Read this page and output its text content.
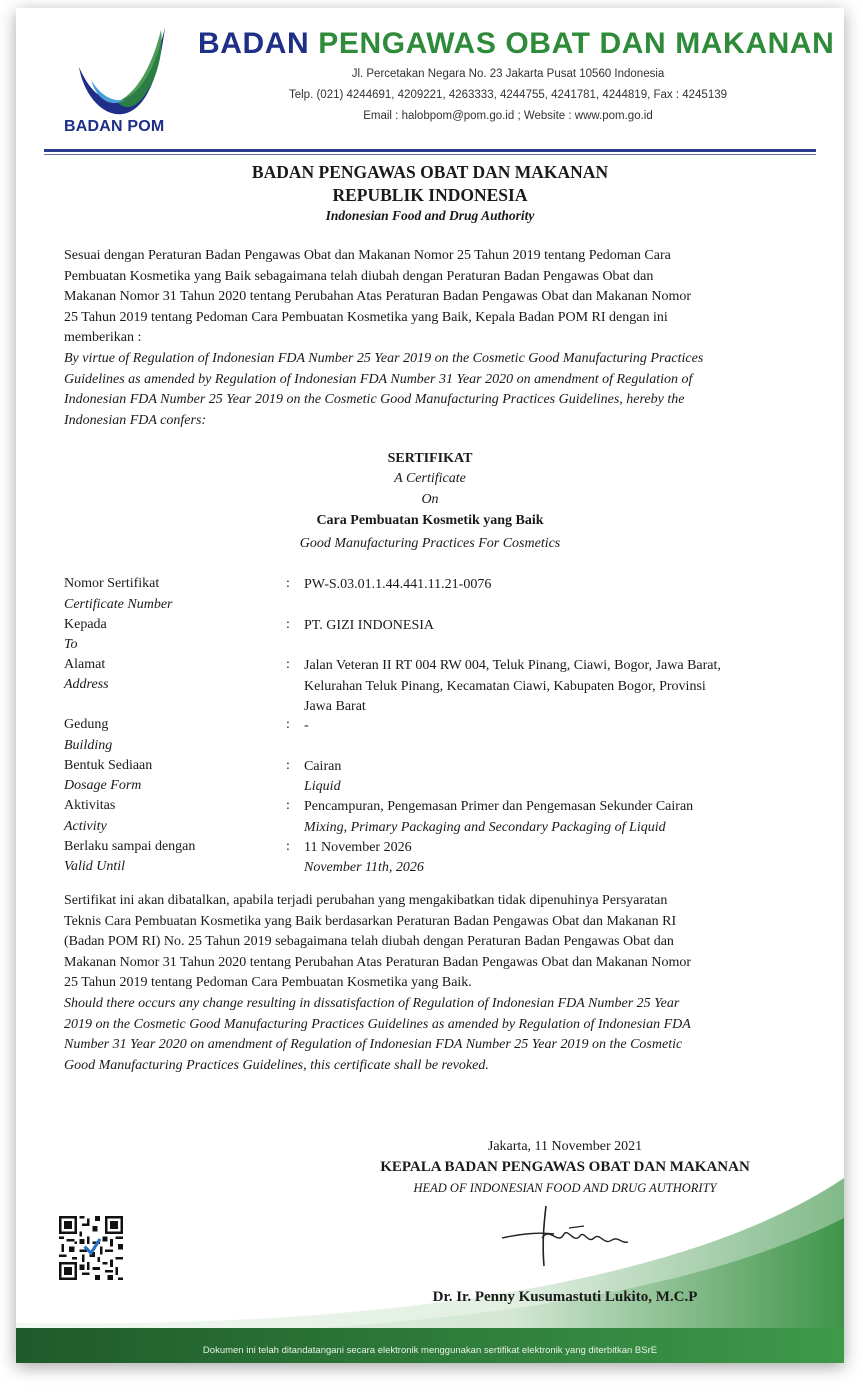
BADAN POM
BADAN PENGAWAS OBAT DAN MAKANAN
Jl. Percetakan Negara No. 23 Jakarta Pusat 10560 Indonesia
Telp. (021) 4244691, 4209221, 4263333, 4244755, 4241781, 4244819, Fax : 4245139
Email : halobpom@pom.go.id ; Website : www.pom.go.id
BADAN PENGAWAS OBAT DAN MAKANAN
REPUBLIK INDONESIA
Indonesian Food and Drug Authority
Sesuai dengan Peraturan Badan Pengawas Obat dan Makanan Nomor 25 Tahun 2019 tentang Pedoman Cara
Pembuatan Kosmetika yang Baik sebagaimana telah diubah dengan Peraturan Badan Pengawas Obat dan
Makanan Nomor 31 Tahun 2020 tentang Perubahan Atas Peraturan Badan Pengawas Obat dan Makanan Nomor
25 Tahun 2019 tentang Pedoman Cara Pembuatan Kosmetika yang Baik, Kepala Badan POM RI dengan ini
memberikan :
By virtue of Regulation of Indonesian FDA Number 25 Year 2019 on the Cosmetic Good Manufacturing Practices
Guidelines as amended by Regulation of Indonesian FDA Number 31 Year 2020 on amendment of Regulation of
Indonesian FDA Number 25 Year 2019 on the Cosmetic Good Manufacturing Practices Guidelines, hereby the
Indonesian FDA confers:
SERTIFIKAT
A Certificate
On
Cara Pembuatan Kosmetik yang Baik
Good Manufacturing Practices For Cosmetics
Nomor Sertifikat
Certificate Number
: PW-S.03.01.1.44.441.11.21-0076
Kepada
To
: PT. GIZI INDONESIA
Alamat
Address
: Jalan Veteran II RT 004 RW 004, Teluk Pinang, Ciawi, Bogor, Jawa Barat,
Kelurahan Teluk Pinang, Kecamatan Ciawi, Kabupaten Bogor, Provinsi
Jawa Barat
Gedung
Building
: -
Bentuk Sediaan
Dosage Form
: Cairan
Liquid
Aktivitas
Activity
: Pencampuran, Pengemasan Primer dan Pengemasan Sekunder Cairan
Mixing, Primary Packaging and Secondary Packaging of Liquid
Berlaku sampai dengan
Valid Until
: 11 November 2026
November 11th, 2026
Sertifikat ini akan dibatalkan, apabila terjadi perubahan yang mengakibatkan tidak dipenuhinya Persyaratan
Teknis Cara Pembuatan Kosmetika yang Baik berdasarkan Peraturan Badan Pengawas Obat dan Makanan RI
(Badan POM RI) No. 25 Tahun 2019 sebagaimana telah diubah dengan Peraturan Badan Pengawas Obat dan
Makanan Nomor 31 Tahun 2020 tentang Perubahan Atas Peraturan Badan Pengawas Obat dan Makanan Nomor
25 Tahun 2019 tentang Pedoman Cara Pembuatan Kosmetika yang Baik.
Should there occurs any change resulting in dissatisfaction of Regulation of Indonesian FDA Number 25 Year
2019 on the Cosmetic Good Manufacturing Practices Guidelines as amended by Regulation of Indonesian FDA
Number 31 Year 2020 on amendment of Regulation of Indonesian FDA Number 25 Year 2019 on the Cosmetic
Good Manufacturing Practices Guidelines, this certificate shall be revoked.
Jakarta, 11 November 2021
KEPALA BADAN PENGAWAS OBAT DAN MAKANAN
HEAD OF INDONESIAN FOOD AND DRUG AUTHORITY
Dr. Ir. Penny Kusumastuti Lukito, M.C.P
Dokumen ini telah ditandatangani secara elektronik menggunakan sertifikat elektronik yang diterbitkan BSrE
